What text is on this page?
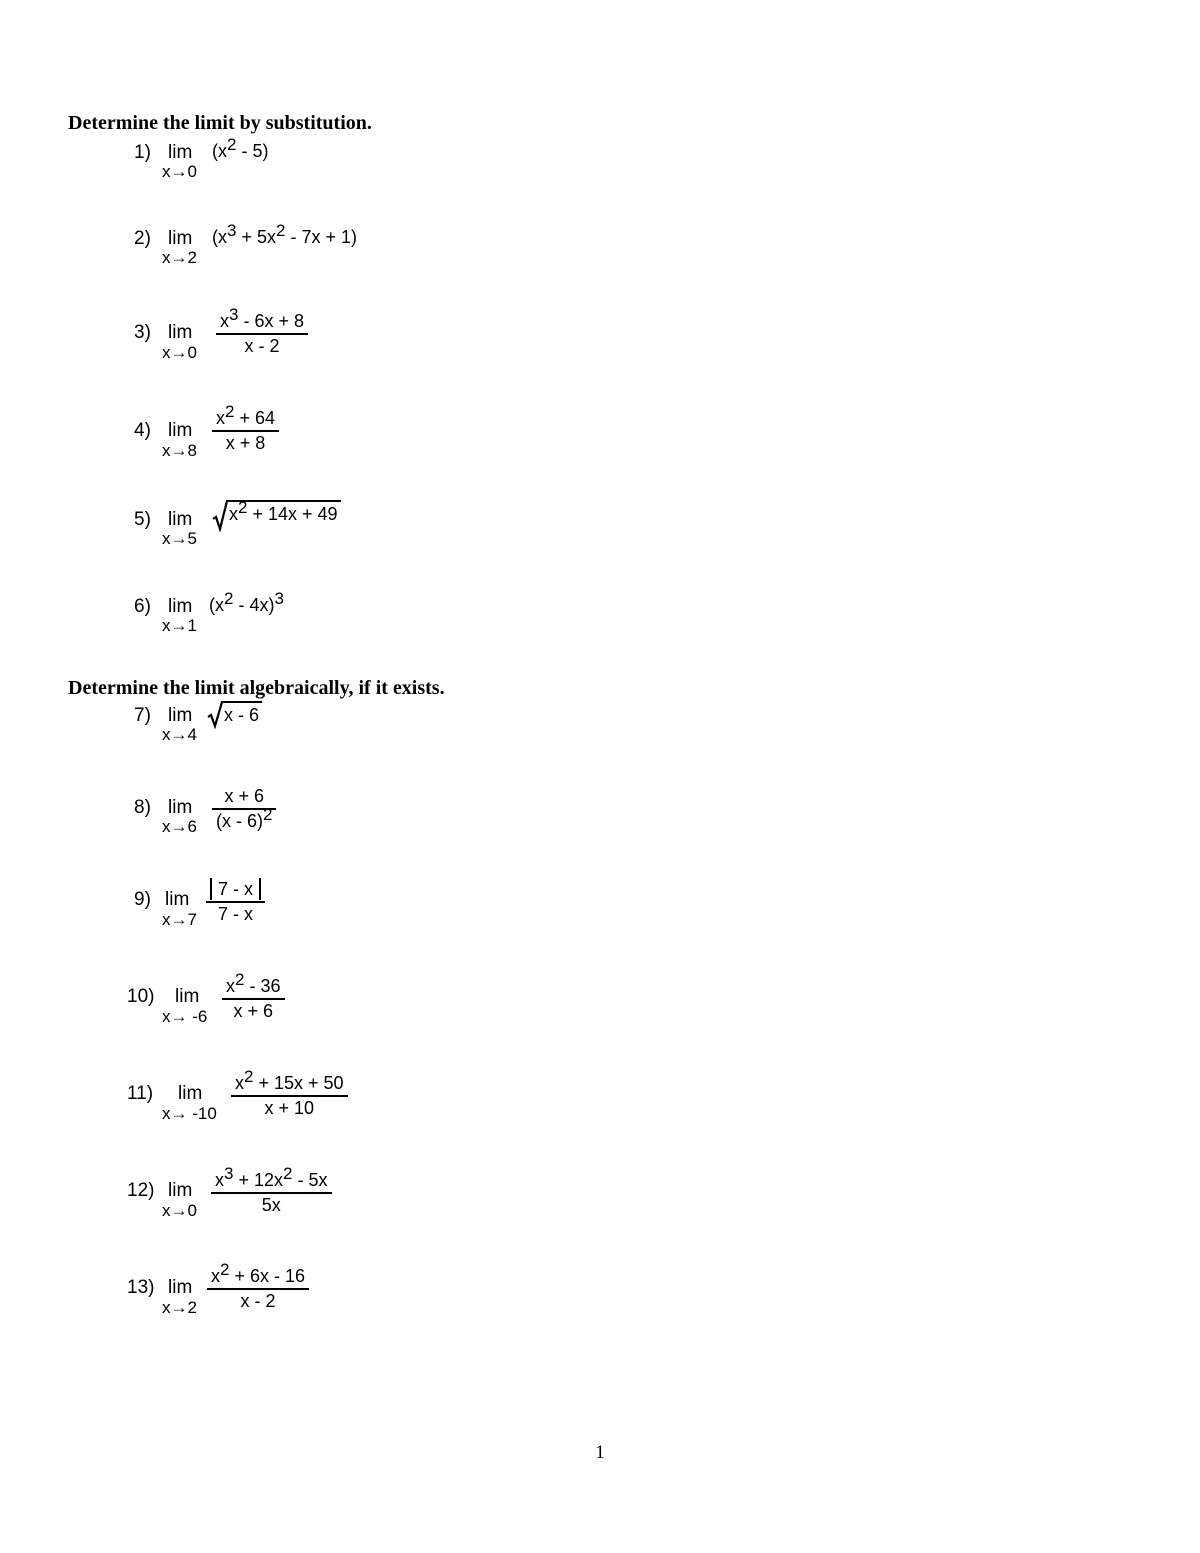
Determine the limit by substitution.
Determine the limit algebraically, if it exists.
1) lim
x→0
$(x^2 - 5)$
2) lim
x→2
$(x^3 + 5x^2 - 7x + 1)$
3) lim
x→0
$x^3 - 6x + 8$
x - 2
4) lim
x→8
$x^2 + 64$
x + 8
5) lim
x→5
$x^2 + 14x + 49$
6) lim
x→1
$(x^2 - 4x)^3$
7) lim
x→4
x - 6
8) lim
x→6
x + 6
(x - 6)$^2$
9) lim
x→7
7 - x
7 - x
10) lim
x→ -6
$x^2 - 36$
x + 6
11) lim
x→ -10
$x^2 + 15x + 50$
x + 10
12) lim
x→0
$x^3 + 12x^2 - 5x$
5x
13) lim
x→2
$x^2 + 6x - 16$
x - 2
1
